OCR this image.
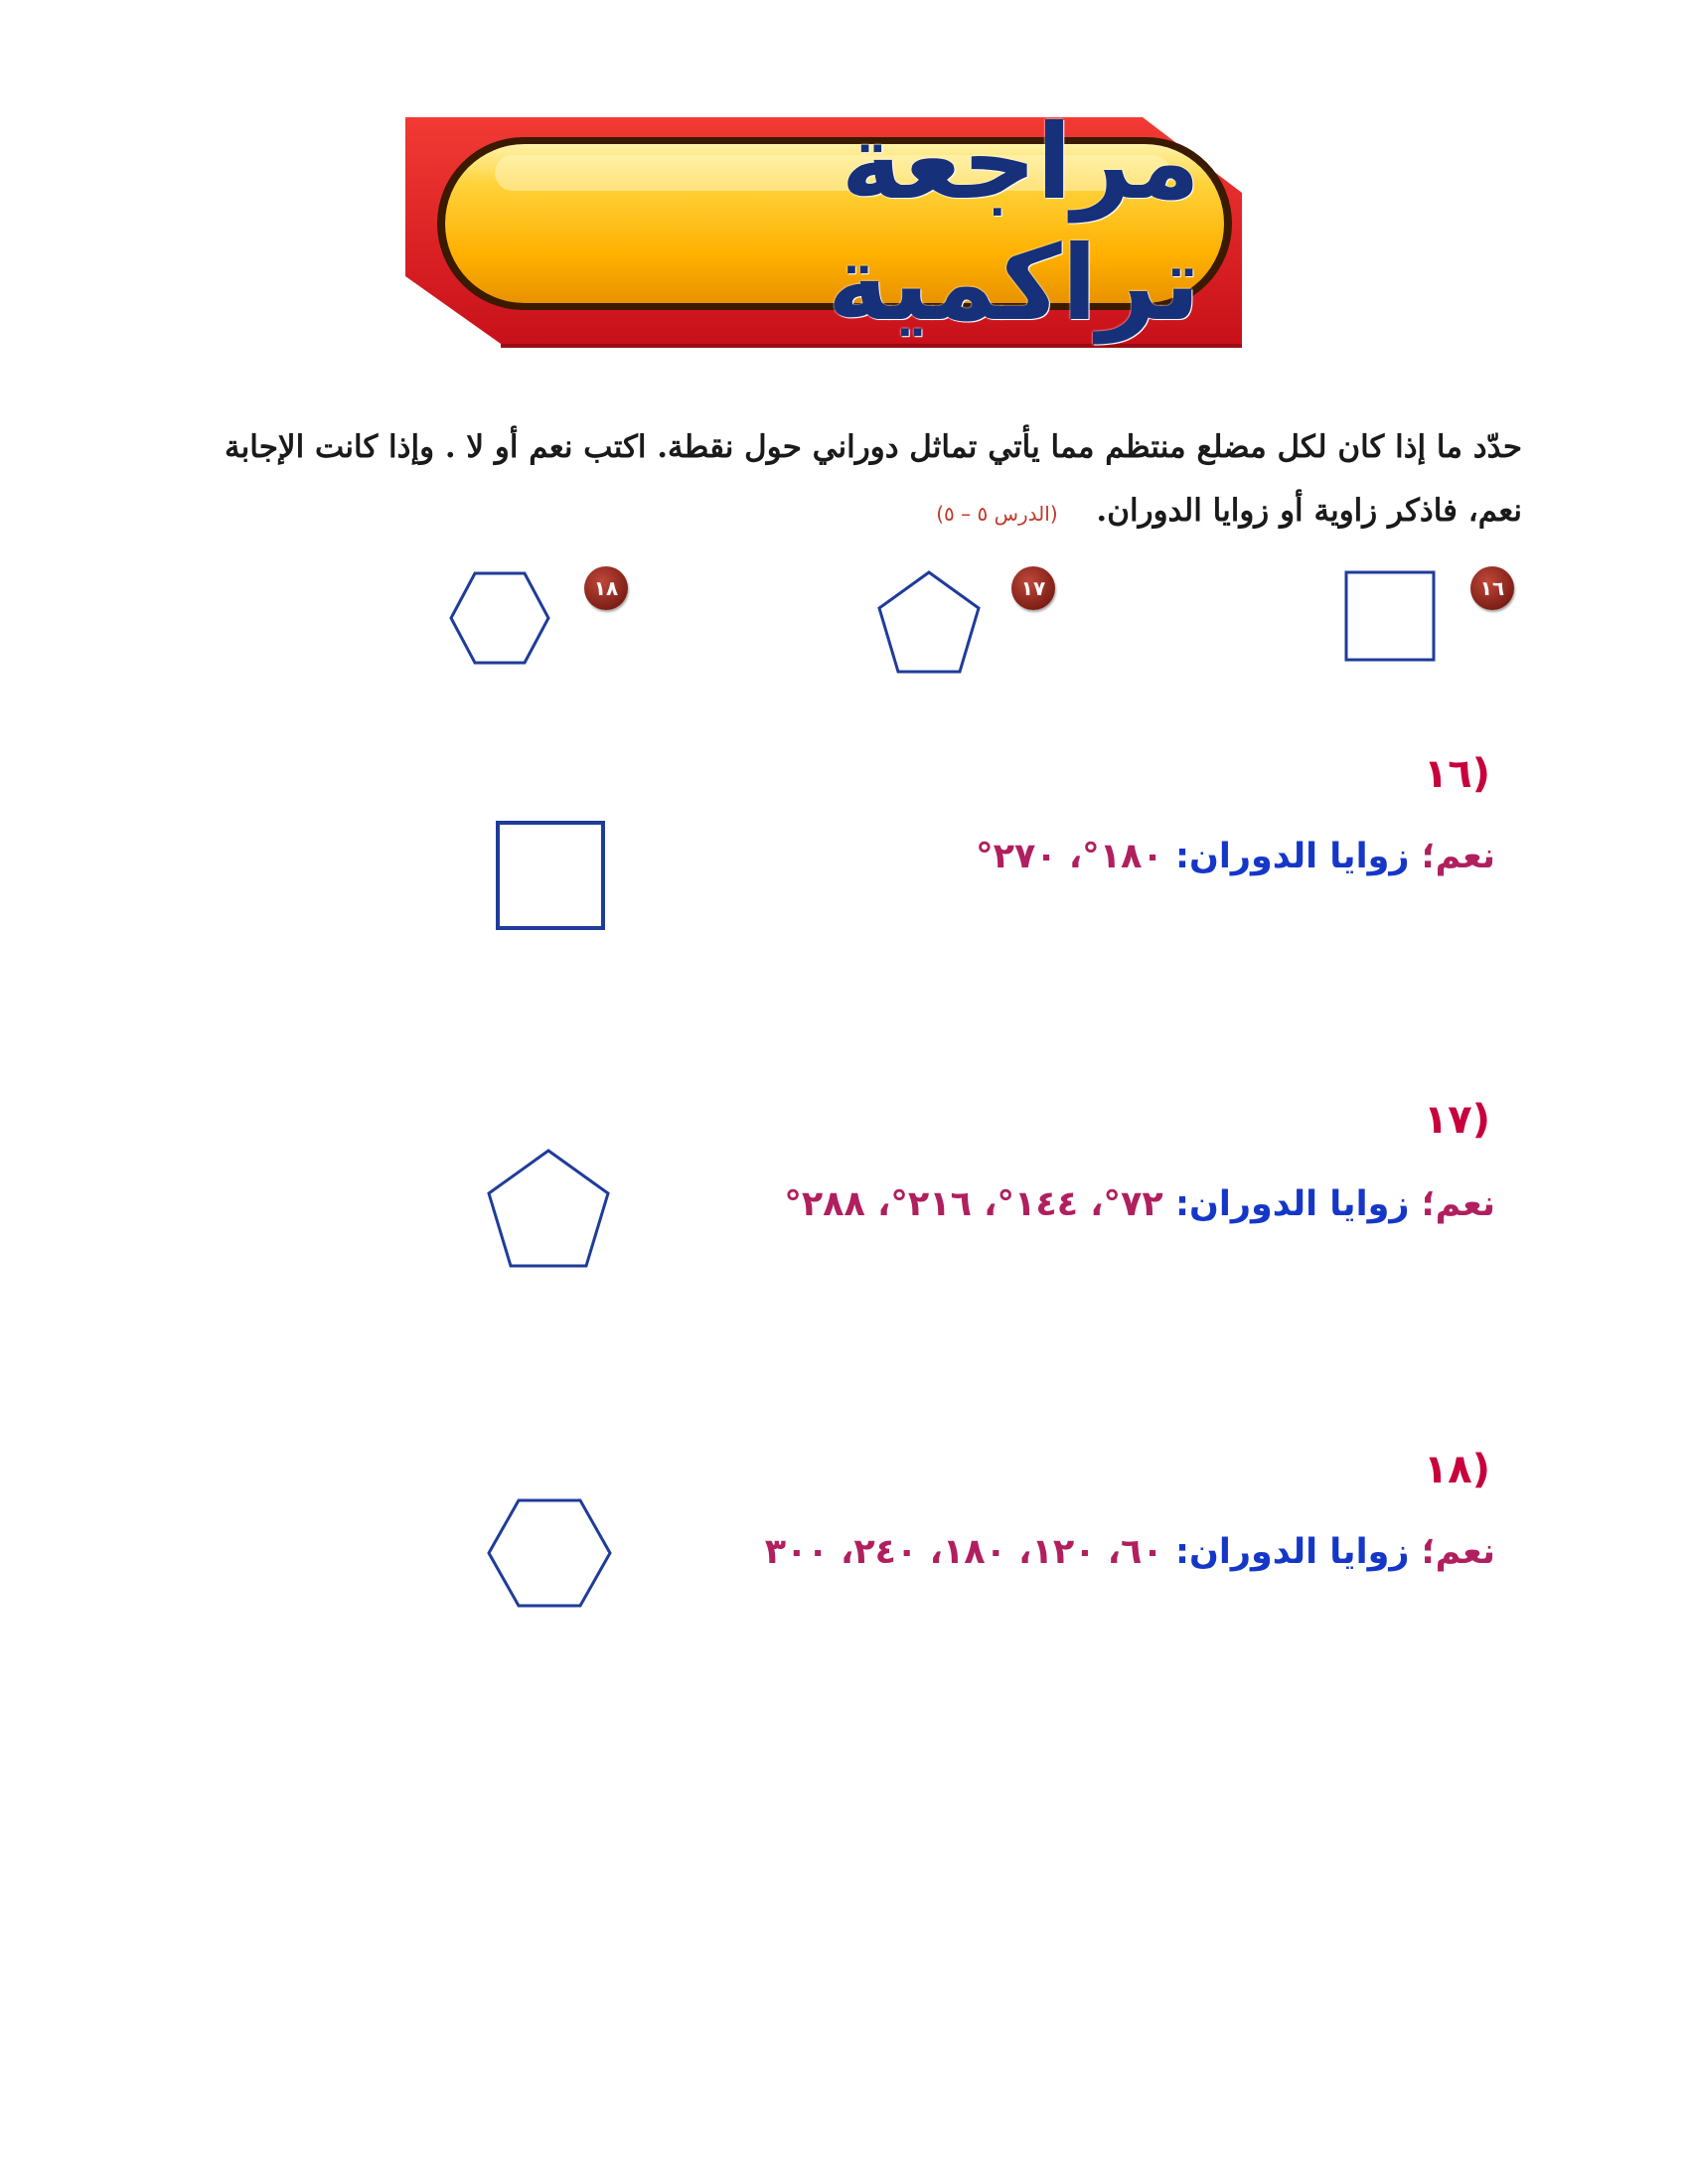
مراجعة تراكمية
حدّد ما إذا كان لكل مضلع منتظم مما يأتي تماثل دوراني حول نقطة. اكتب نعم أو لا . وإذا كانت الإجابة نعم، فاذكر زاوية أو زوايا الدوران. (الدرس ٥ – ٥)
١٦
١٧
١٨
(١٦
نعم؛ زوايا الدوران: ١٨٠°، ٢٧٠°
(١٧
نعم؛ زوايا الدوران: ٧٢°، ١٤٤°، ٢١٦°، ٢٨٨°
(١٨
نعم؛ زوايا الدوران: ٦٠، ١٢٠، ١٨٠، ٢٤٠، ٣٠٠
